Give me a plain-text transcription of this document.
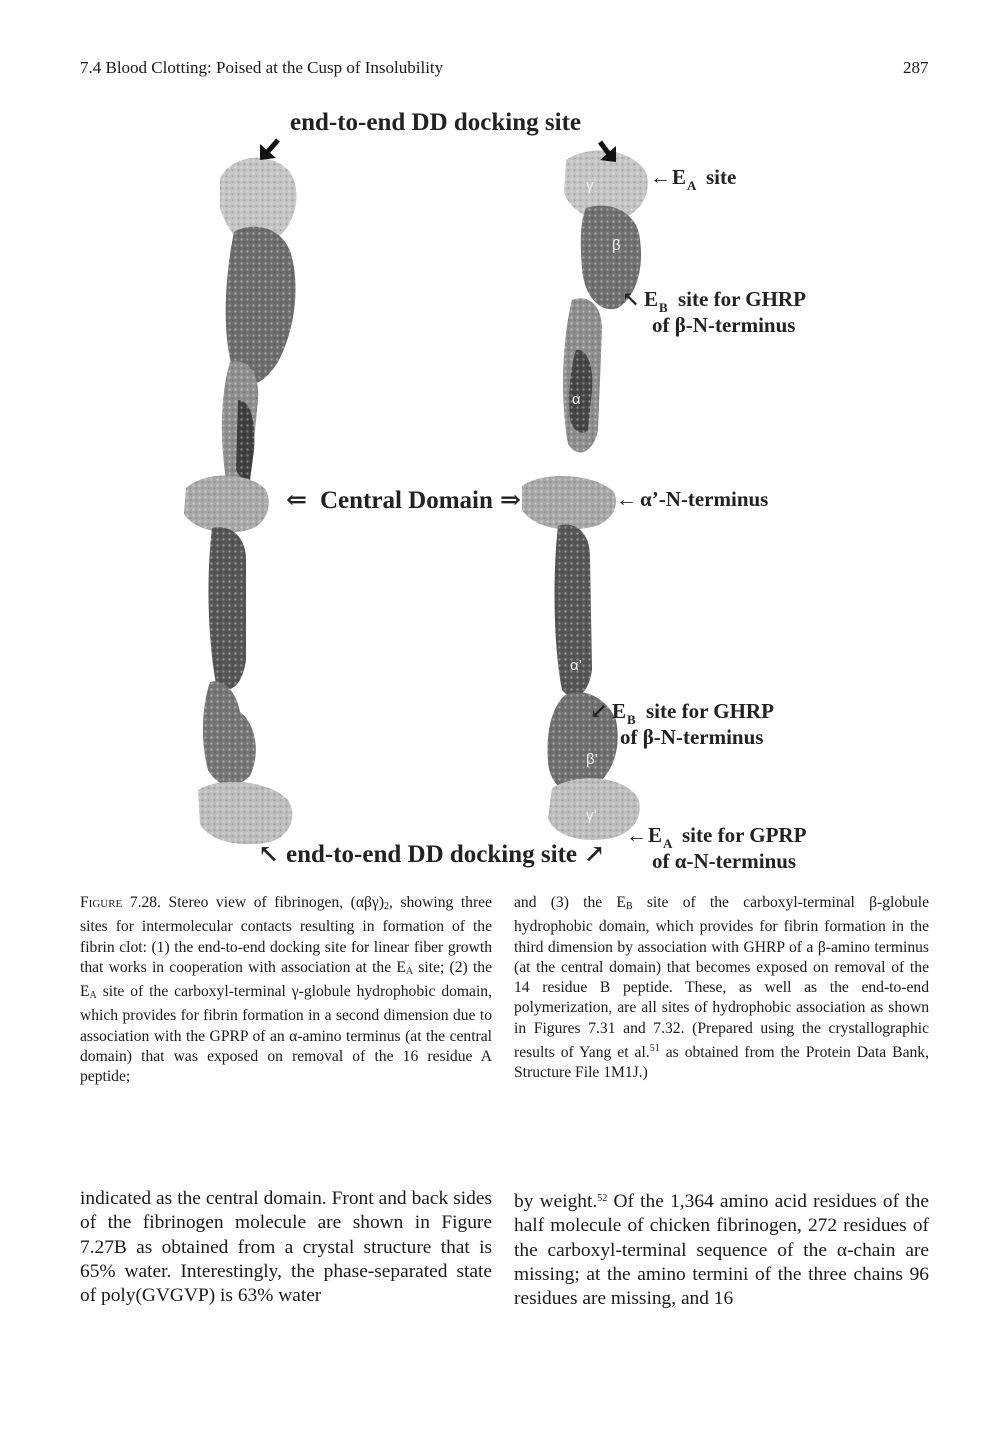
7.4 Blood Clotting: Poised at the Cusp of Insolubility	287
γ
β
α
α’
β’
γ’
end-to-end DD docking site
← E A site
↖ E B site for GHRP
of β-N-terminus
⇐ Central Domain ⇒	← α’-N-terminus
↙ E B site for GHRP
of β-N-terminus
← E A site for GPRP
of α-N-terminus
↖ end-to-end DD docking site ↗
Figure 7.28. Stereo view of fibrinogen, $(\alpha\beta\gamma)_2$, showing three sites for intermolecular contacts resulting in formation of the fibrin clot: (1) the end-to-end docking site for linear fiber growth that works in cooperation with association at the $E_A$ site; (2) the $E_A$ site of the carboxyl-terminal γ-globule hydrophobic domain, which provides for fibrin formation in a second dimension due to association with the GPRP of an α-amino terminus (at the central domain) that was exposed on removal of the 16 residue A peptide;
and (3) the $E_B$ site of the carboxyl-terminal β-globule hydrophobic domain, which provides for fibrin formation in the third dimension by association with GHRP of a β-amino terminus (at the central domain) that becomes exposed on removal of the 14 residue B peptide. These, as well as the end-to-end polymerization, are all sites of hydrophobic association as shown in Figures 7.31 and 7.32. (Prepared using the crystallographic results of Yang et al.$^{51}$ as obtained from the Protein Data Bank, Structure File 1M1J.)
indicated as the central domain. Front and back sides of the fibrinogen molecule are shown in Figure 7.27B as obtained from a crystal structure that is 65% water. Interestingly, the phase-separated state of poly(GVGVP) is 63% water
by weight.$^{52}$ Of the 1,364 amino acid residues of the half molecule of chicken fibrinogen, 272 residues of the carboxyl-terminal sequence of the α-chain are missing; at the amino termini of the three chains 96 residues are missing, and 16
